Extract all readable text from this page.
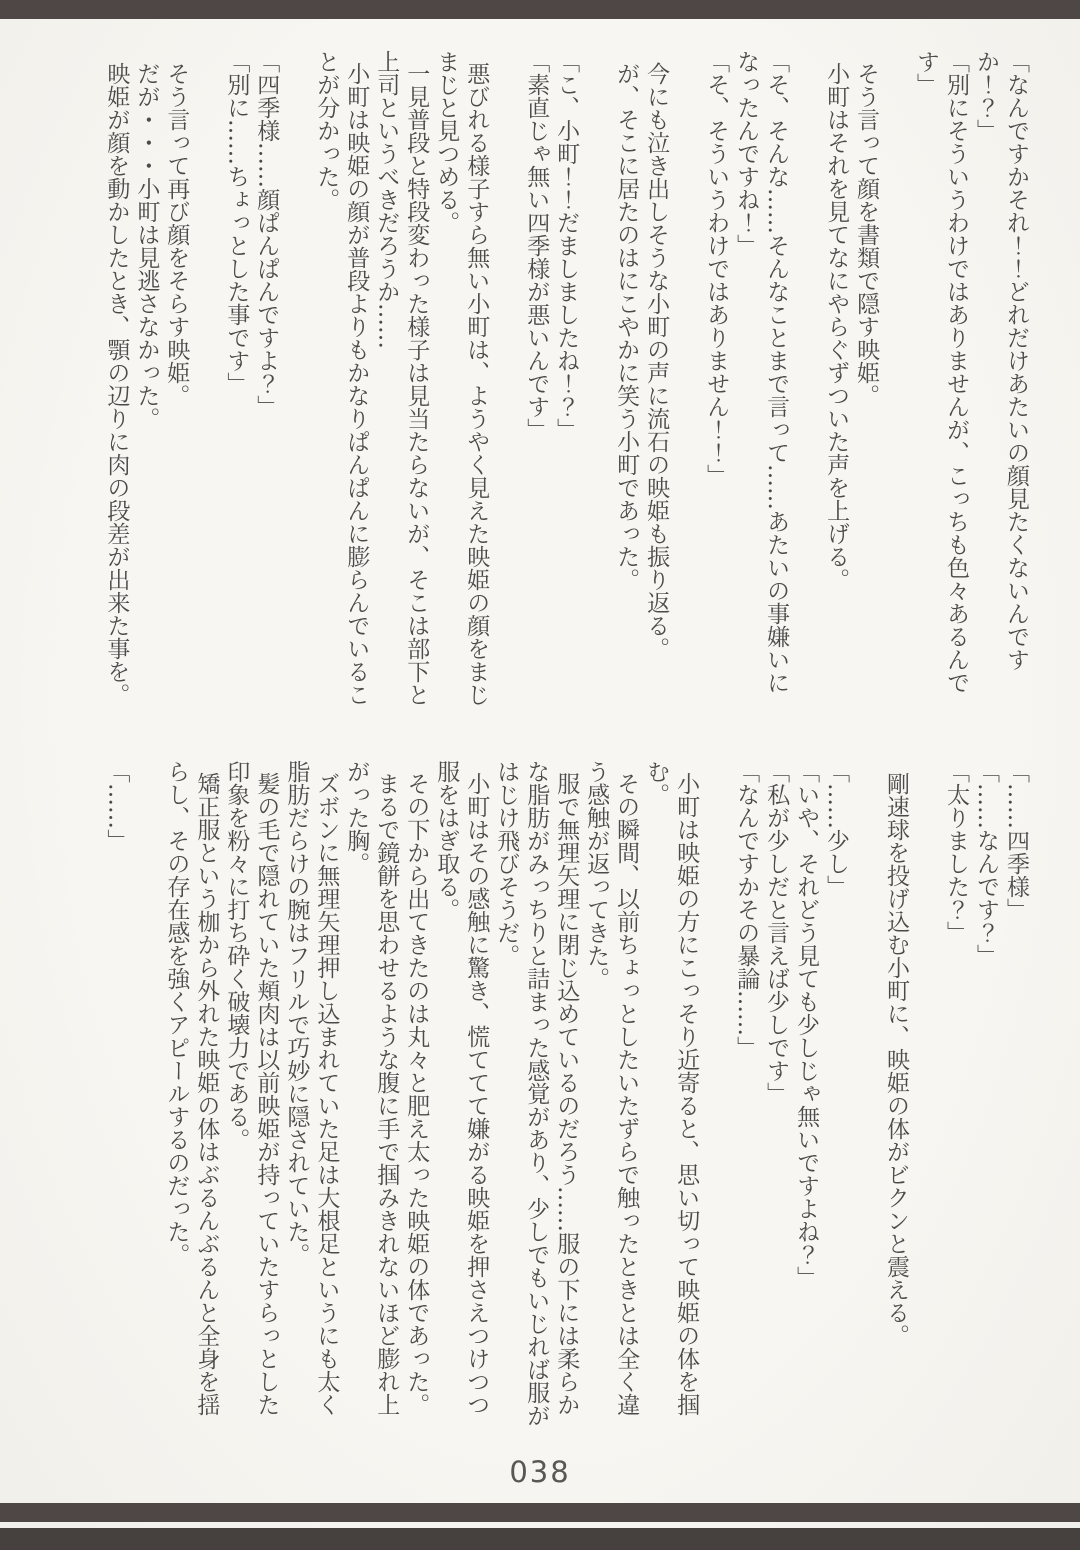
「なんですかそれ！！どれだけあたいの顔見たくないんですか！？」

「別にそういうわけではありませんが、こっちも色々あるんです」

そう言って顔を書類で隠す映姫。

小町はそれを見てなにやらぐずついた声を上げる。

「そ、そんな……そんなことまで言って……あたいの事嫌いになったんですね！」

「そ、そういうわけではありません！！」

今にも泣き出しそうな小町の声に流石の映姫も振り返る。

が、そこに居たのはにこやかに笑う小町であった。

「こ、小町！！だましましたね！？」

「素直じゃ無い四季様が悪いんです」

悪びれる様子すら無い小町は、ようやく見えた映姫の顔をまじまじと見つめる。

一見普段と特段変わった様子は見当たらないが、そこは部下と上司というべきだろうか……

小町は映姫の顔が普段よりもかなりぱんぱんに膨らんでいることが分かった。

「四季様……顔ぱんぱんですよ？」

「別に……ちょっとした事です」

そう言って再び顔をそらす映姫。

だが・・・小町は見逃さなかった。

映姫が顔を動かしたとき、顎の辺りに肉の段差が出来た事を。

「……四季様」

「……なんです？」

「太りました？」

剛速球を投げ込む小町に、映姫の体がビクンと震える。

「……少し」

「いや、それどう見ても少しじゃ無いですよね？」

「私が少しだと言えば少しです」

「なんですかその暴論……」

小町は映姫の方にこっそり近寄ると、思い切って映姫の体を掴む。

その瞬間、以前ちょっとしたいたずらで触ったときとは全く違う感触が返ってきた。

服で無理矢理に閉じ込めているのだろう……服の下には柔らかな脂肪がみっちりと詰まった感覚があり、少しでもいじれば服がはじけ飛びそうだ。

小町はその感触に驚き、慌ててて嫌がる映姫を押さえつけつつ服をはぎ取る。

その下から出てきたのは丸々と肥え太った映姫の体であった。

まるで鏡餅を思わせるような腹に手で掴みきれないほど膨れ上がった胸。

ズボンに無理矢理押し込まれていた足は大根足というにも太く脂肪だらけの腕はフリルで巧妙に隠されていた。

髪の毛で隠れていた頬肉は以前映姫が持っていたすらっとした印象を粉々に打ち砕く破壊力である。

矯正服という枷から外れた映姫の体はぶるんぶるんと全身を揺らし、その存在感を強くアピールするのだった。

「……」

038
